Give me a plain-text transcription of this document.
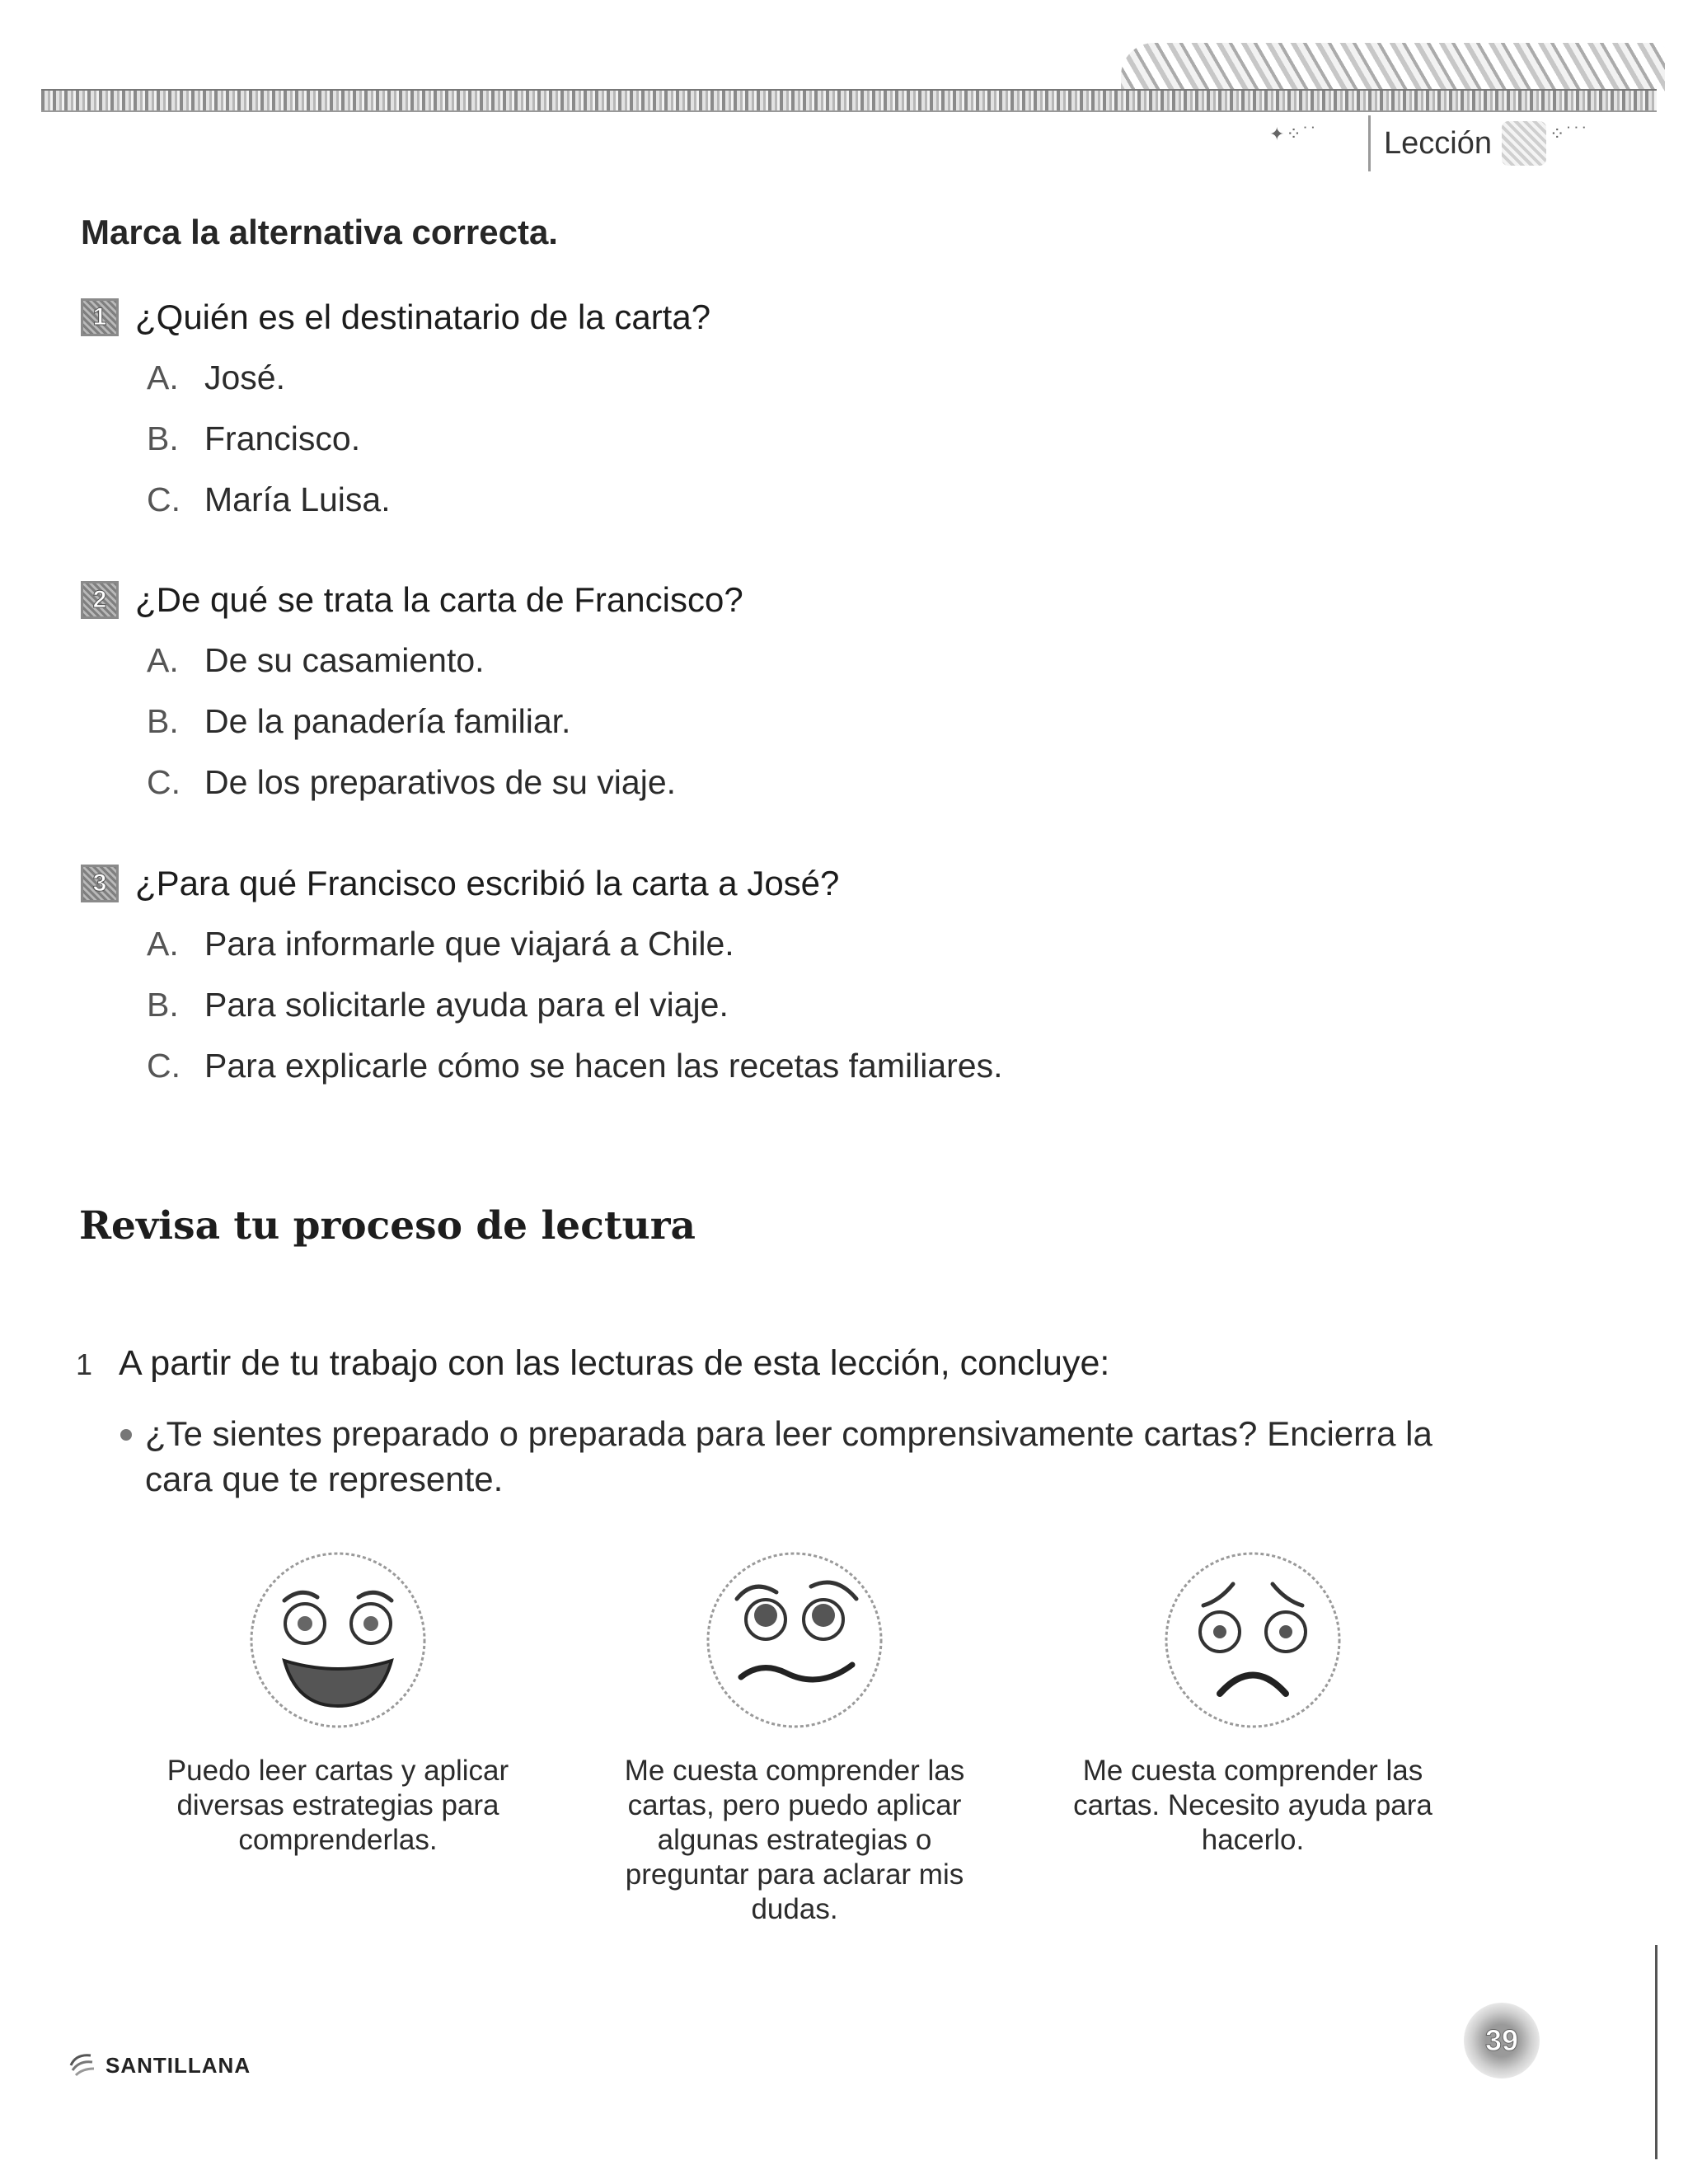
✦⁘˙˙ Lección	⁘˙˙˙
Marca la alternativa correcta.
1 ¿Quién es el destinatario de la carta?
A. José.
B. Francisco.
C. María Luisa.
2 ¿De qué se trata la carta de Francisco?
A. De su casamiento.
B. De la panadería familiar.
C. De los preparativos de su viaje.
3 ¿Para qué Francisco escribió la carta a José?
A. Para informarle que viajará a Chile.
B. Para solicitarle ayuda para el viaje.
C. Para explicarle cómo se hacen las recetas familiares.
Revisa tu proceso de lectura
1 A partir de tu trabajo con las lecturas de esta lección, concluye:
¿Te sientes preparado o preparada para leer comprensivamente cartas? Encierra la cara que te represente.
Puedo leer cartas y aplicar diversas estrategias para comprenderlas.
Me cuesta comprender las cartas, pero puedo aplicar algunas estrategias o preguntar para aclarar mis dudas.
Me cuesta comprender las cartas. Necesito ayuda para hacerlo.
SANTILLANA
39
